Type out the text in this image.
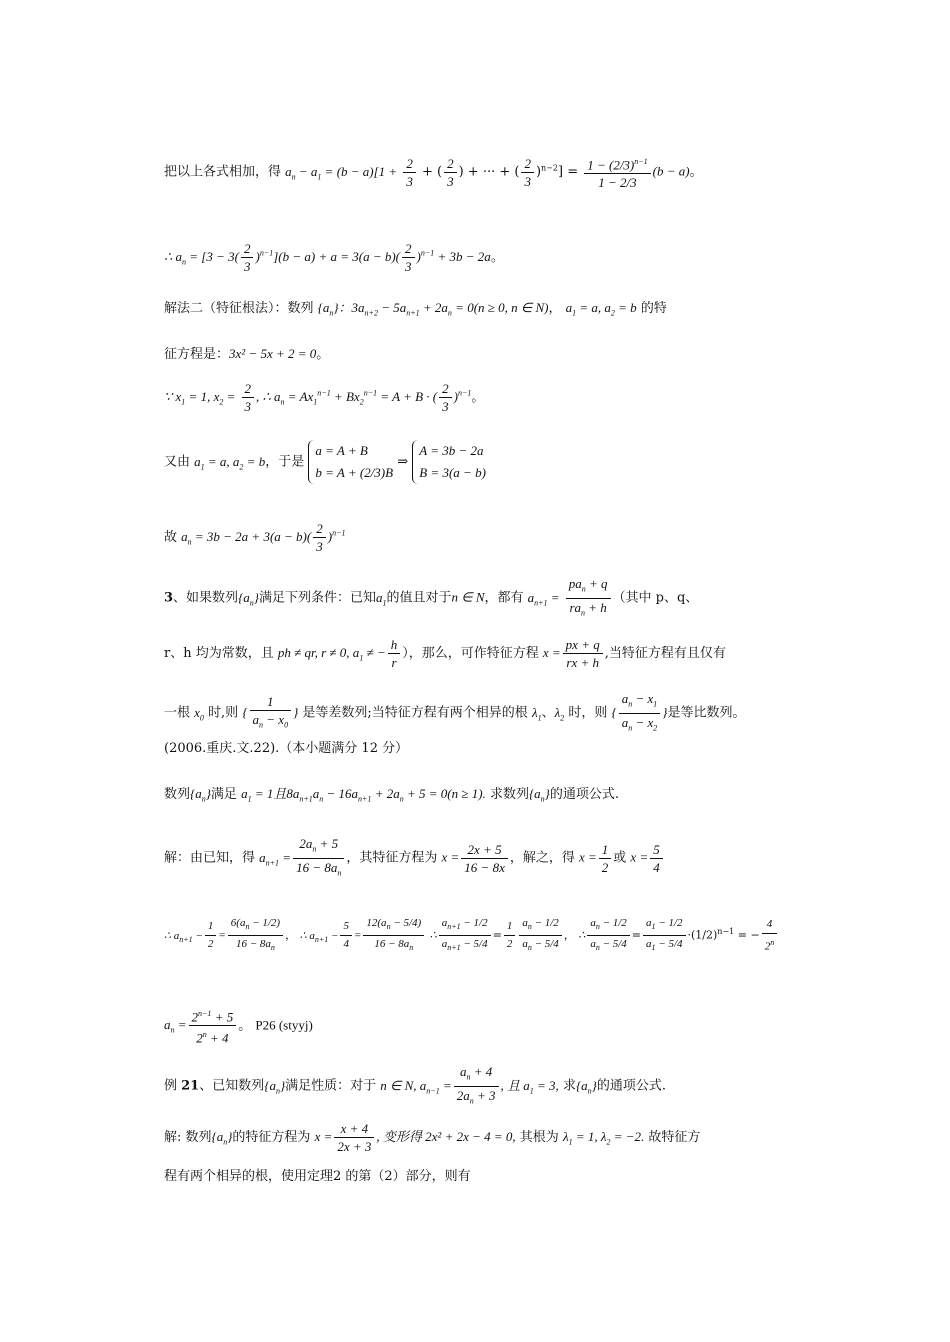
把以上各式相加，得 $a_n - a_1 = (b - a)[1 + \frac{2}{3}$ + ( $\frac{2}{3}$ ) + ··· + ( $\frac{2}{3} )^{n-2}] = \frac{1 - (2/3)^{n-1}}{1 - 2/3} (b - a)$。
∴ $a_n = [3 - 3( \frac{2}{3} )^{n-1}](b - a) + a = 3(a - b)( \frac{2}{3} )^{n-1} + 3b - 2a$。
解法二（特征根法）：数列 $\{a_n\}$：$3a_{n+2} - 5a_{n+1} + 2a_n = 0(n \ge 0$, n ∈ N)， $a_1 = a$, $a_2 = b$ 的特
征方程是：3x² − 5x + 2 = 0。
∵ $x_1 = 1$, $x_2 = \frac{2}{3}$ , ∴ $a_n = Ax_1^{n-1} + Bx_2^{n-1} = A + B$ · ( $\frac{2}{3} )^{n-1}$。
又由 $a_1 = a$, $a_2 = b$，于是
a = A + B
b = A + (2/3)B
⇒
A = 3b − 2a
B = 3(a − b)
故 $a_n = 3b - 2a + 3(a - b)( \frac{2}{3} )^{n-1}$
3、如果数列$\{a_n\}$满足下列条件：已知$a_1$的值且对于n ∈ N，都有 $a_{n+1} = \frac{pa_n + q}{ra_n + h}$ （其中 p、q、
r、h 均为常数，且 ph ≠ qr, r ≠ 0, $a_1$ ≠ − $\frac{h}{r}$ ），那么，可作特征方程 $x = \frac{px + q}{rx + h}$ ,当特征方程有且仅有
一根 $x_0$ 时,则 { $\frac{1}{a_n - x_0}$ } 是等差数列;当特征方程有两个相异的根 $\lambda_1$、$\lambda_2$ 时，则 { $\frac{a_n - x_1}{a_n - x_2}$ }是等比数列。
(2006.重庆.文.22).（本小题满分 12 分）
数列$\{a_n\}$满足 $a_1 = 1$且$8a_{n+1}a_n - 16a_{n+1} + 2a_n + 5 = 0(n \ge 1)$. 求数列$\{a_n\}$的通项公式.
解：由已知，得 $a_{n+1} = \frac{2a_n + 5}{16 - 8a_n}$ ，其特征方程为 $x = \frac{2x + 5}{16 - 8x}$ ，解之，得 $x = \frac{1}{2}$ 或 $x = \frac{5}{4}$
∴ $a_{n+1} - \frac{1}{2} = \frac{6(a_n - 1/2)}{16 - 8a_n}$ ， ∴ $a_{n+1} - \frac{5}{4} = \frac{12(a_n - 5/4)}{16 - 8a_n}$ ∴ $\frac{a_{n+1} - 1/2}{a_{n+1} - 5/4} = \frac{1}{2} \frac{a_n - 1/2}{a_n - 5/4}$ ， ∴ $\frac{a_n - 1/2}{a_n - 5/4} = \frac{a_1 - 1/2}{a_1 - 5/4} \cdot(1/2)^{n-1}$ = − $\frac{4}{2^n}$
$a_n = \frac{2^{n-1} + 5}{2^n + 4}$ 。 P26 (styyj)
例 21、已知数列$\{a_n\}$满足性质：对于 n ∈ N, $a_{n-1} = \frac{a_n + 4}{2a_n + 3}$ , 且 $a_1 = 3$, 求$\{a_n\}$的通项公式.
解: 数列$\{a_n\}$的特征方程为 $x = \frac{x + 4}{2x + 3}$ , 变形得 2x² + 2x − 4 = 0, 其根为 $\lambda_1 = 1$, $\lambda_2 = -2$. 故特征方
程有两个相异的根，使用定理2 的第（2）部分，则有
